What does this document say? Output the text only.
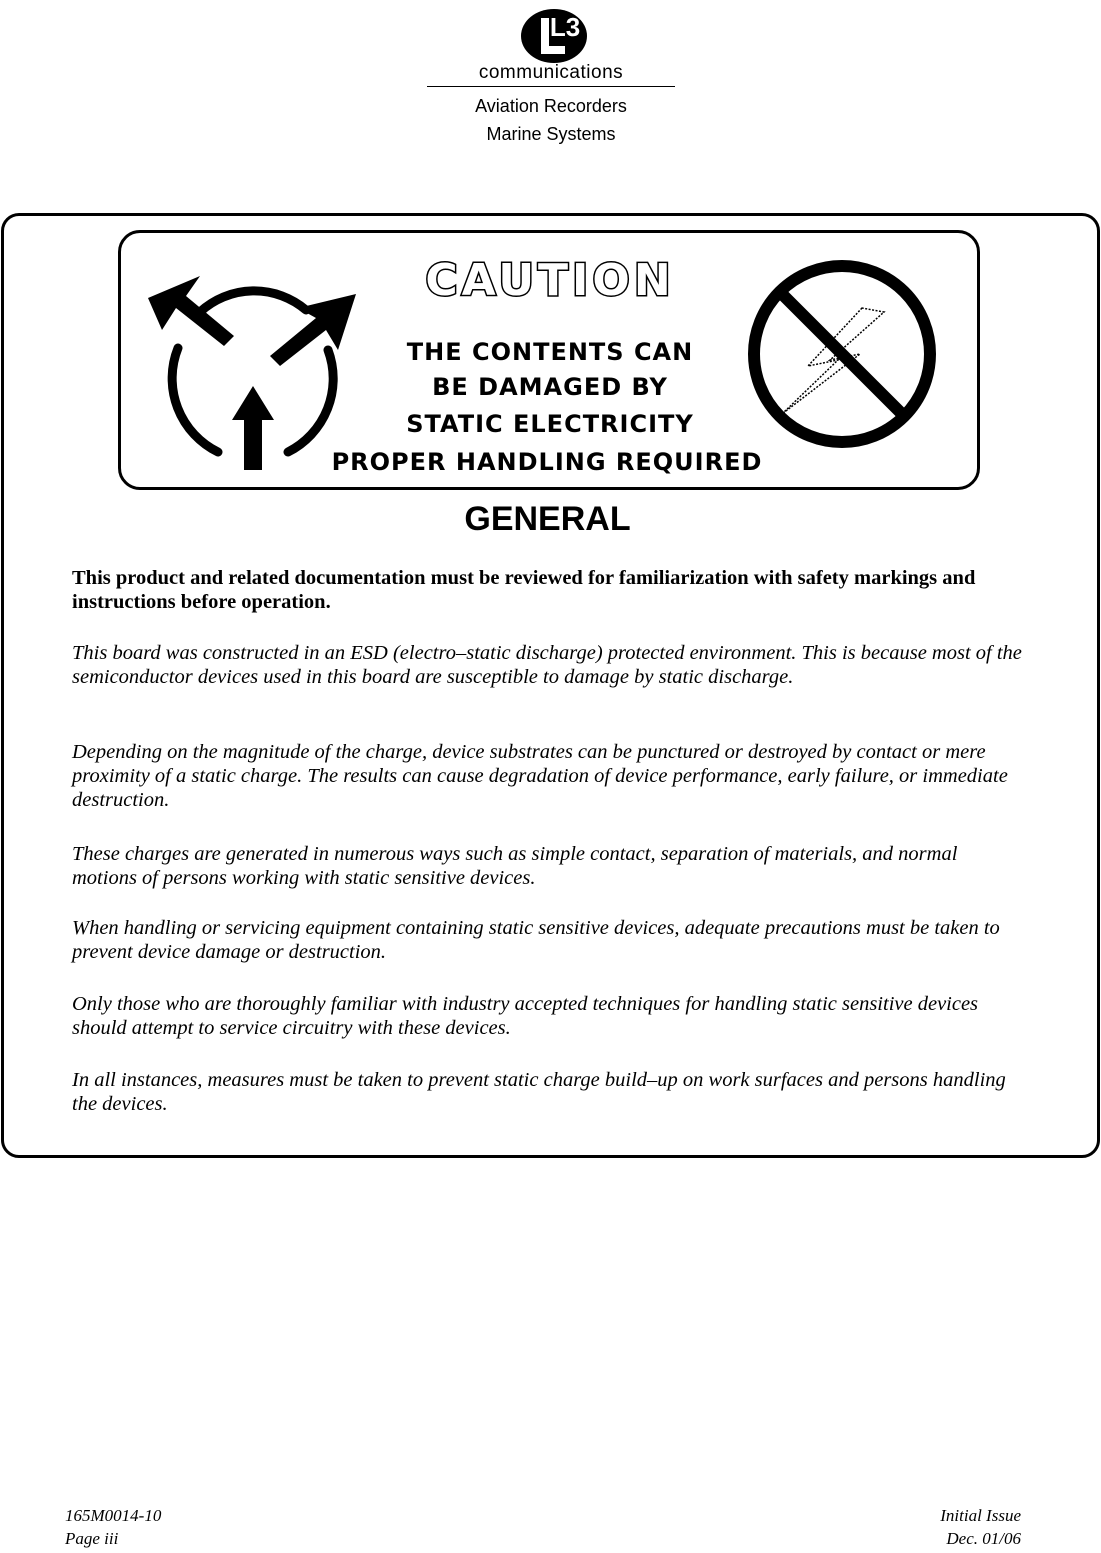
L3
communications
Aviation Recorders
Marine Systems
CAUTION
THE CONTENTS CAN
BE DAMAGED BY
STATIC ELECTRICITY
PROPER HANDLING REQUIRED
GENERAL

This product and related documentation must be reviewed for familiarization with safety markings and instructions before operation.

This board was constructed in an ESD (electro–static discharge) protected environment. This is because most of the semiconductor devices used in this board are susceptible to damage by static discharge.

Depending on the magnitude of the charge, device substrates can be punctured or destroyed by contact or mere proximity of a static charge. The results can cause degradation of device performance, early failure, or immediate destruction.

These charges are generated in numerous ways such as simple contact, separation of materials, and normal motions of persons working with static sensitive devices.

When handling or servicing equipment containing static sensitive devices, adequate precautions must be taken to prevent device damage or destruction.

Only those who are thoroughly familiar with industry accepted techniques for handling static sensitive devices should attempt to service circuitry with these devices.

In all instances, measures must be taken to prevent static charge build–up on work surfaces and persons handling the devices.

165M0014-10
Page iii
Initial Issue
Dec. 01/06
